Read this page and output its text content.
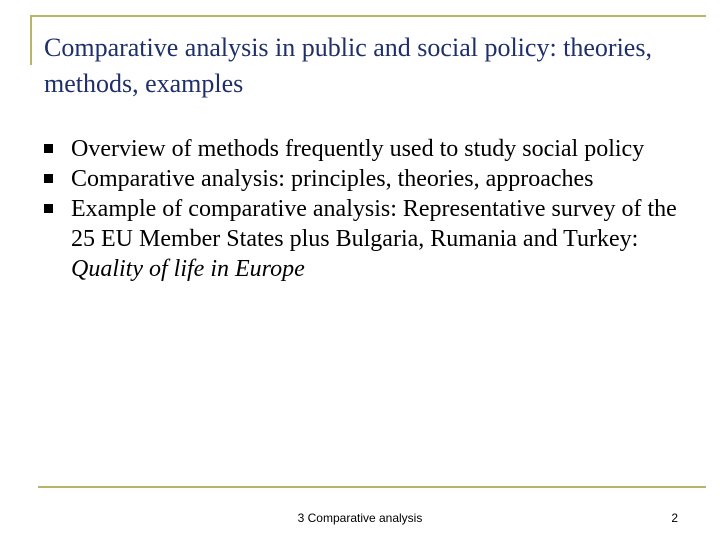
Comparative analysis in public and social policy: theories, methods, examples
Overview of methods frequently used to study social policy
Comparative analysis: principles, theories, approaches
Example of comparative analysis: Representative survey of the 25 EU Member States plus Bulgaria, Rumania and Turkey: Quality of life in Europe
3 Comparative analysis	2
